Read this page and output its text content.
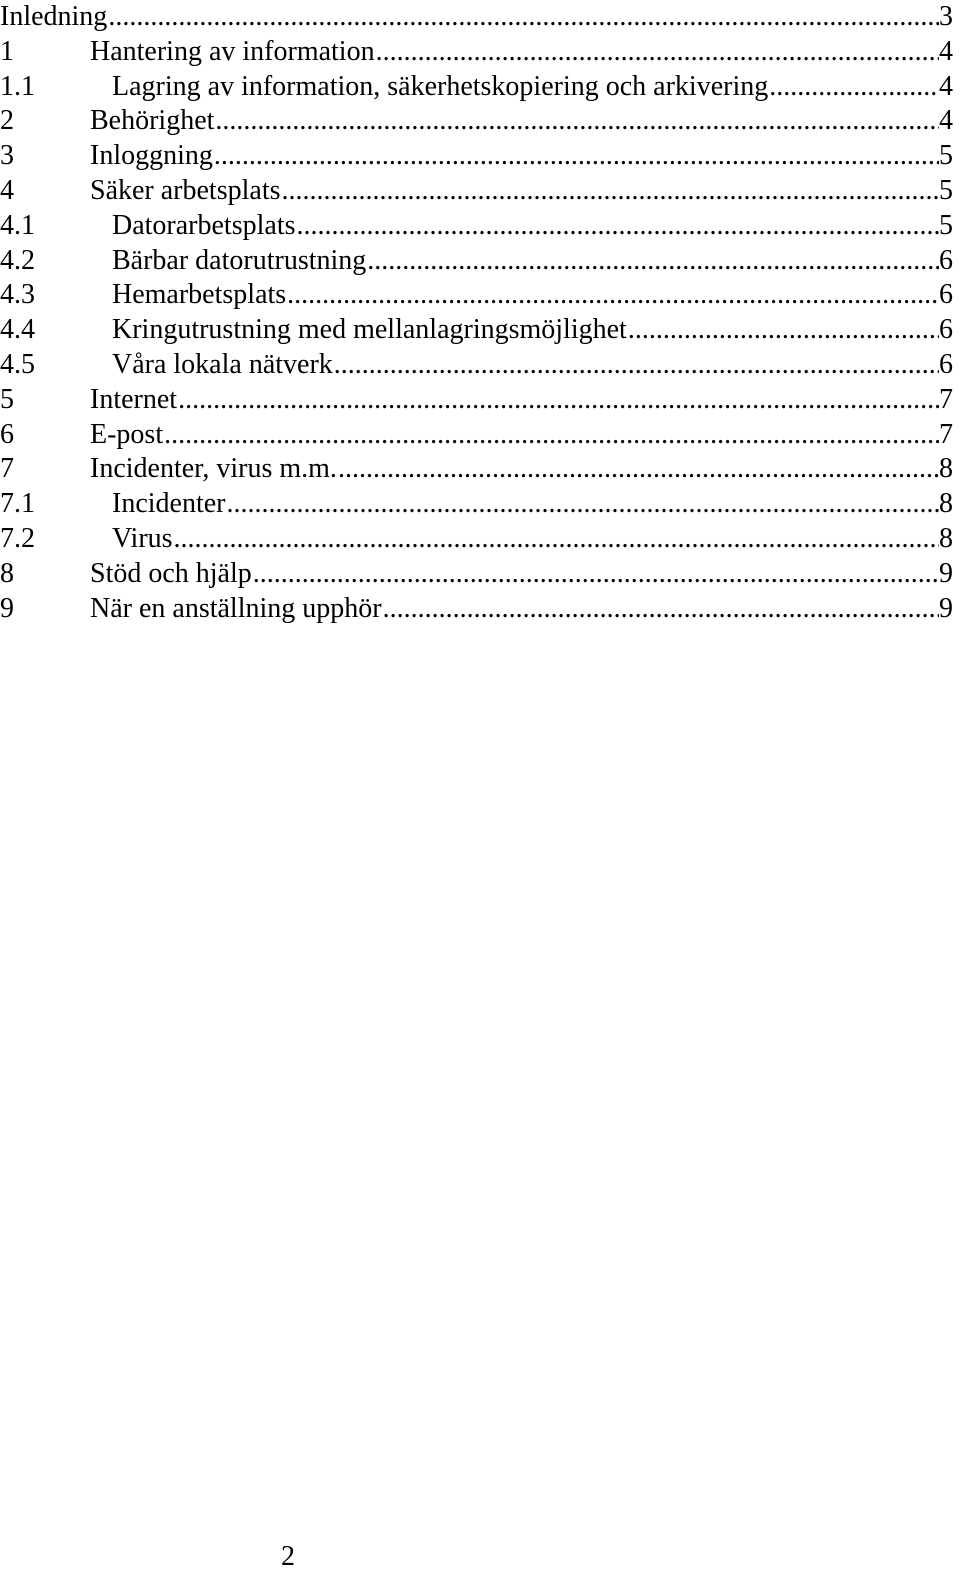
Inledning .....	3
1	Hantering av information .....	4
1.1	Lagring av information, säkerhetskopiering och arkivering .....	4
2	Behörighet .....	4
3	Inloggning .....	5
4	Säker arbetsplats .....	5
4.1	Datorarbetsplats .....	5
4.2	Bärbar datorutrustning .....	6
4.3	Hemarbetsplats .....	6
4.4	Kringutrustning med mellanlagringsmöjlighet .....	6
4.5	Våra lokala nätverk .....	6
5	Internet .....	7
6	E-post .....	7
7	Incidenter, virus m.m. .....	8
7.1	Incidenter .....	8
7.2	Virus .....	8
8	Stöd och hjälp .....	9
9	När en anställning upphör .....	9
2
